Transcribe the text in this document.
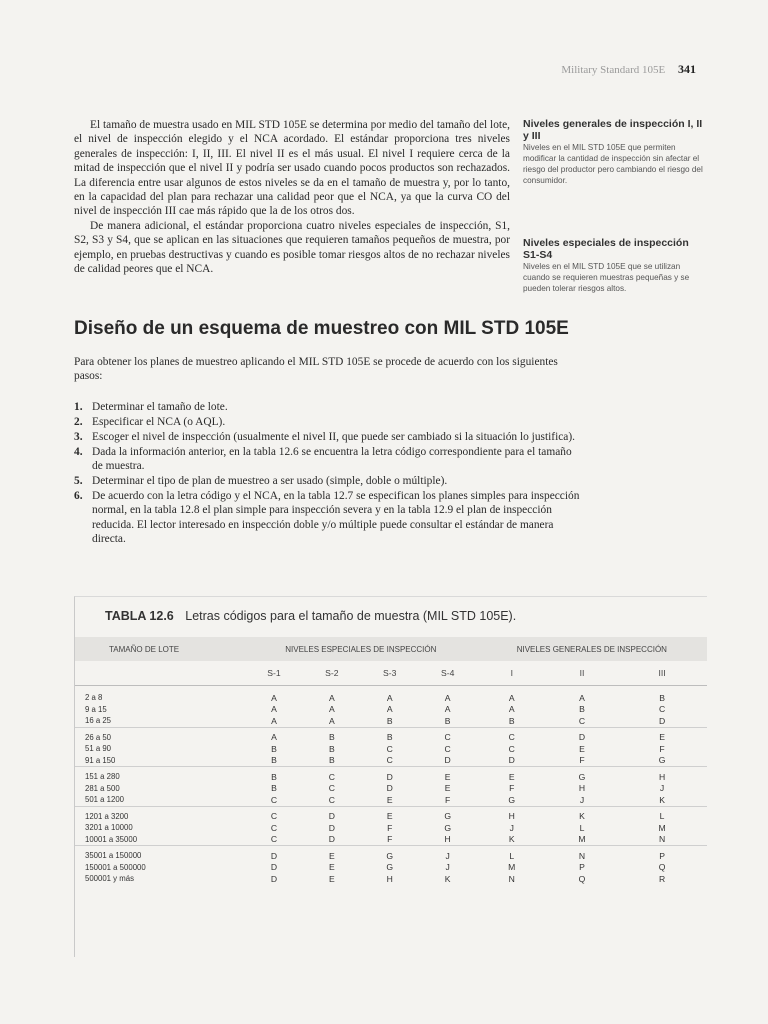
Military Standard 105E 341

El tamaño de muestra usado en MIL STD 105E se determina por medio del tamaño del lote, el nivel de inspección elegido y el NCA acordado. El estándar proporciona tres niveles generales de inspección: I, II, III. El nivel II es el más usual. El nivel I requiere cerca de la mitad de inspección que el nivel II y podría ser usado cuando pocos productos son rechazados. La diferencia entre usar algunos de estos niveles se da en el tamaño de muestra y, por lo tanto, en la capacidad del plan para rechazar una calidad peor que el NCA, ya que la curva CO del nivel de inspección III cae más rápido que la de los otros dos.

De manera adicional, el estándar proporciona cuatro niveles especiales de inspección, S1, S2, S3 y S4, que se aplican en las situaciones que requieren tamaños pequeños de muestra, por ejemplo, en pruebas destructivas y cuando es posible tomar riesgos altos de no rechazar niveles de calidad peores que el NCA.

Niveles generales de inspección I, II y III
Niveles en el MIL STD 105E que permiten modificar la cantidad de inspección sin afectar el riesgo del productor pero cambiando el riesgo del consumidor.
Niveles especiales de inspección S1-S4
Niveles en el MIL STD 105E que se utilizan cuando se requieren muestras pequeñas y se pueden tolerar riesgos altos.
Diseño de un esquema de muestreo con MIL STD 105E
Para obtener los planes de muestreo aplicando el MIL STD 105E se procede de acuerdo con los siguientes pasos:
1. Determinar el tamaño de lote.
2. Especificar el NCA (o AQL).
3. Escoger el nivel de inspección (usualmente el nivel II, que puede ser cambiado si la situación lo justifica).
4. Dada la información anterior, en la tabla 12.6 se encuentra la letra código correspondiente para el tamaño de muestra.
5. Determinar el tipo de plan de muestreo a ser usado (simple, doble o múltiple).
6. De acuerdo con la letra código y el NCA, en la tabla 12.7 se especifican los planes simples para inspección normal, en la tabla 12.8 el plan simple para inspección severa y en la tabla 12.9 el plan de inspección reducida. El lector interesado en inspección doble y/o múltiple puede consultar el estándar de manera directa.
TABLA 12.6 Letras códigos para el tamaño de muestra (MIL STD 105E).
TAMAÑO DE LOTE	NIVELES ESPECIALES DE INSPECCIÓN				NIVELES GENERALES DE INSPECCIÓN		
	S-1	S-2	S-3	S-4	I	II	III
2 a 8	A	A	A	A	A	A	B
9 a 15	A	A	A	A	A	B	C
16 a 25	A	A	B	B	B	C	D
26 a 50	A	B	B	C	C	D	E
51 a 90	B	B	C	C	C	E	F
91 a 150	B	B	C	D	D	F	G
151 a 280	B	C	D	E	E	G	H
281 a 500	B	C	D	E	F	H	J
501 a 1200	C	C	E	F	G	J	K
1201 a 3200	C	D	E	G	H	K	L
3201 a 10000	C	D	F	G	J	L	M
10001 a 35000	C	D	F	H	K	M	N
35001 a 150000	D	E	G	J	L	N	P
150001 a 500000	D	E	G	J	M	P	Q
500001 y más	D	E	H	K	N	Q	R
